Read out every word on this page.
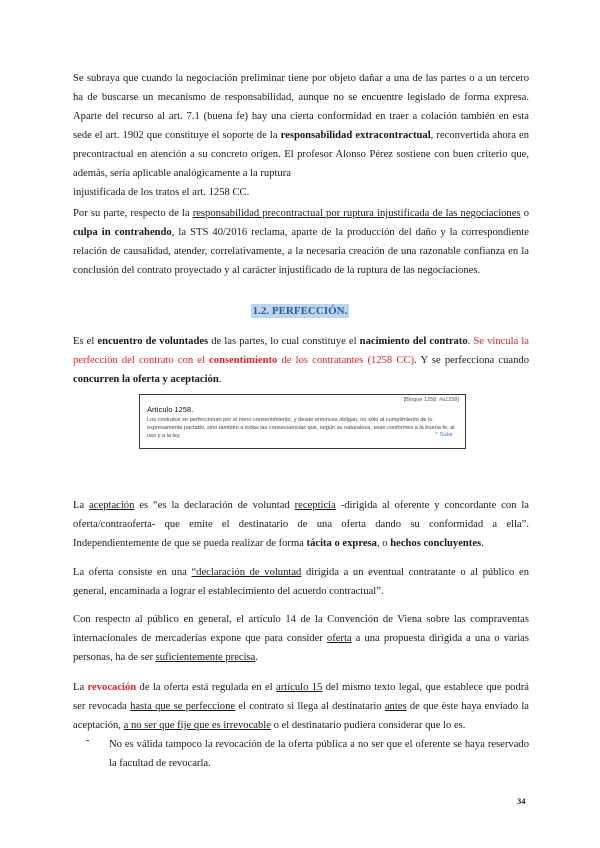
Se subraya que cuando la negociación preliminar tiene por objeto dañar a una de las partes o a un tercero ha de buscarse un mecanismo de responsabilidad, aunque no se encuentre legislado de forma expresa. Aparte del recurso al art. 7.1 (buena fe) hay una cierta conformidad en traer a colación también en esta sede el art. 1902 que constituye el soporte de la responsabilidad extracontractual, reconvertida ahora en precontractual en atención a su concreto origen. El profesor Alonso Pérez sostiene con buen criterio que, además, sería aplicable analógicamente a la ruptura
injustificada de los tratos el art. 1258 CC.

Por su parte, respecto de la responsabilidad precontractual por ruptura injustificada de las negociaciones o culpa in contrahendo, la STS 40/2016 reclama, aparte de la producción del daño y la correspondiente relación de causalidad, atender, correlativamente, a la necesaria creación de una razonable confianza en la conclusión del contrato proyectado y al carácter injustificado de la ruptura de las negociaciones.

1.2. PERFECCIÓN.

Es el encuentro de voluntades de las partes, lo cual constituye el nacimiento del contrato. Se vincula la perfección del contrato con el consentimiento de los contratantes (1258 CC). Y se perfecciona cuando concurren la oferta y aceptación.

[Bloque 1258: #a1258]
Artículo 1258.
Los contratos se perfeccionan por el mero consentimiento, y desde entonces obligan, no sólo al cumplimiento de lo expresamente pactado, sino también a todas las consecuencias que, según su naturaleza, sean conformes a la buena fe, al uso y a la ley.	^ Subir

La aceptación es “es la declaración de voluntad recepticia -dirigida al oferente y concordante con la oferta/contraoferta- que emite el destinatario de una oferta dando su conformidad a ella”. Independientemente de que se pueda realizar de forma tácita o expresa, o hechos concluyentes.

La oferta consiste en una “declaración de voluntad dirigida a un eventual contratante o al público en general, encaminada a lograr el establecimiento del acuerdo contractual”.

Con respecto al público en general, el artículo 14 de la Convención de Viena sobre las compraventas internacionales de mercaderías expone que para consider oferta a una propuesta dirigida a una o varias personas, ha de ser suficientemente precisa.

La revocación de la oferta está regulada en el artículo 15 del mismo texto legal, que establece que podrá ser revocada hasta que se perfeccione el contrato si llega al destinatario antes de que éste haya enviado la aceptación, a no ser que fije que es irrevocable o el destinatario pudiera considerar que lo es.

- No es válida tampoco la revocación de la oferta pública a no ser que el oferente se haya reservado la facultad de revocarla.

34
